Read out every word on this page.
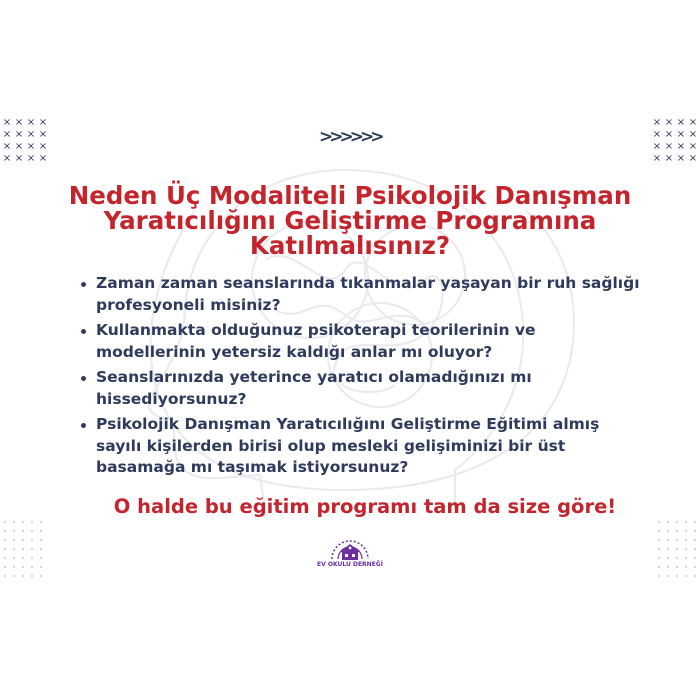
× × × ×
× × × ×
× × × ×
× × × ×
× × × ×
× × × ×
× × × ×
× × × ×
>>>>>>
Neden Üç Modaliteli Psikolojik Danışman Yaratıcılığını Geliştirme Programına Katılmalısınız?
Zaman zaman seanslarında tıkanmalar yaşayan bir ruh sağlığı profesyoneli misiniz?
Kullanmakta olduğunuz psikoterapi teorilerinin ve modellerinin yetersiz kaldığı anlar mı oluyor?
Seanslarınızda yeterince yaratıcı olamadığınızı mı hissediyorsunuz?
Psikolojik Danışman Yaratıcılığını Geliştirme Eğitimi almış sayılı kişilerden birisi olup mesleki gelişiminizi bir üst basamağa mı taşımak istiyorsunuz?

O halde bu eğitim programı tam da size göre!

EV OKULU DERNEĞİ
